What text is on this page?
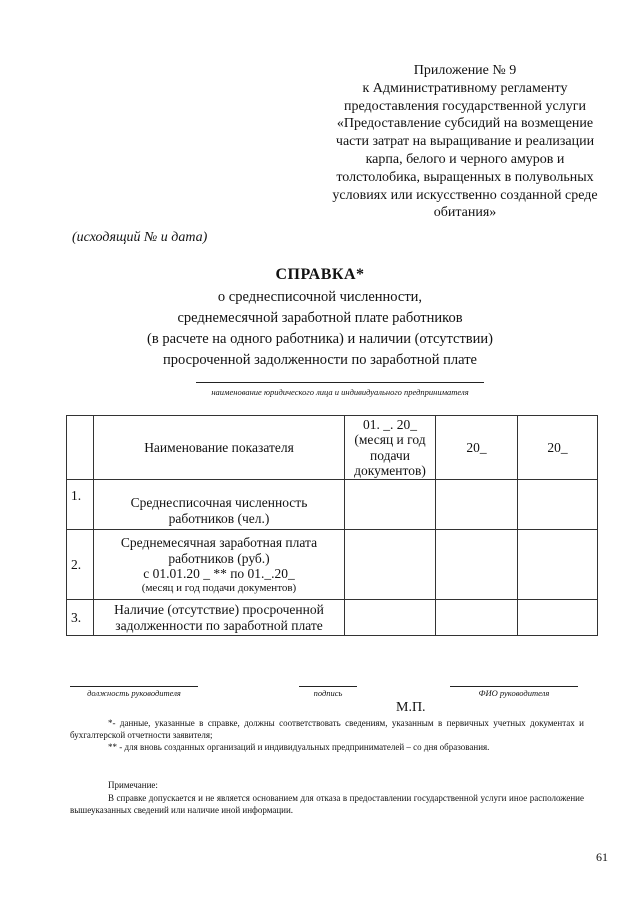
Приложение № 9
к Административному регламенту
предоставления государственной услуги
«Предоставление субсидий на возмещение
части затрат на выращивание и реализации
карпа, белого и черного амуров и
толстолобика, выращенных в полувольных
условиях или искусственно созданной среде
обитания»
(исходящий № и дата)
СПРАВКА*
о среднесписочной численности,
среднемесячной заработной плате работников
(в расчете на одного работника) и наличии (отсутствии)
просроченной задолженности по заработной плате
наименование юридического лица и индивидуального предпринимателя
	Наименование показателя	01. _. 20_
(месяц и год
подачи
документов)	20_	20_
1.	Среднесписочная численность
работников (чел.)			

2.	Среднемесячная заработная плата
работников (руб.)
с 01.01.20 _ ** по 01._.20_
(месяц и год подачи документов)			

3.	Наличие (отсутствие) просроченной
задолженности по заработной плате			

должность руководителя	подпись	ФИО руководителя
М.П.
*- данные, указанные в справке, должны соответствовать сведениям, указанным в первичных учетных документах и бухгалтерской отчетности заявителя;
** - для вновь созданных организаций и индивидуальных предпринимателей – со дня образования.
Примечание:
В справке допускается и не является основанием для отказа в предоставлении государственной услуги иное расположение вышеуказанных сведений или наличие иной информации.
61
